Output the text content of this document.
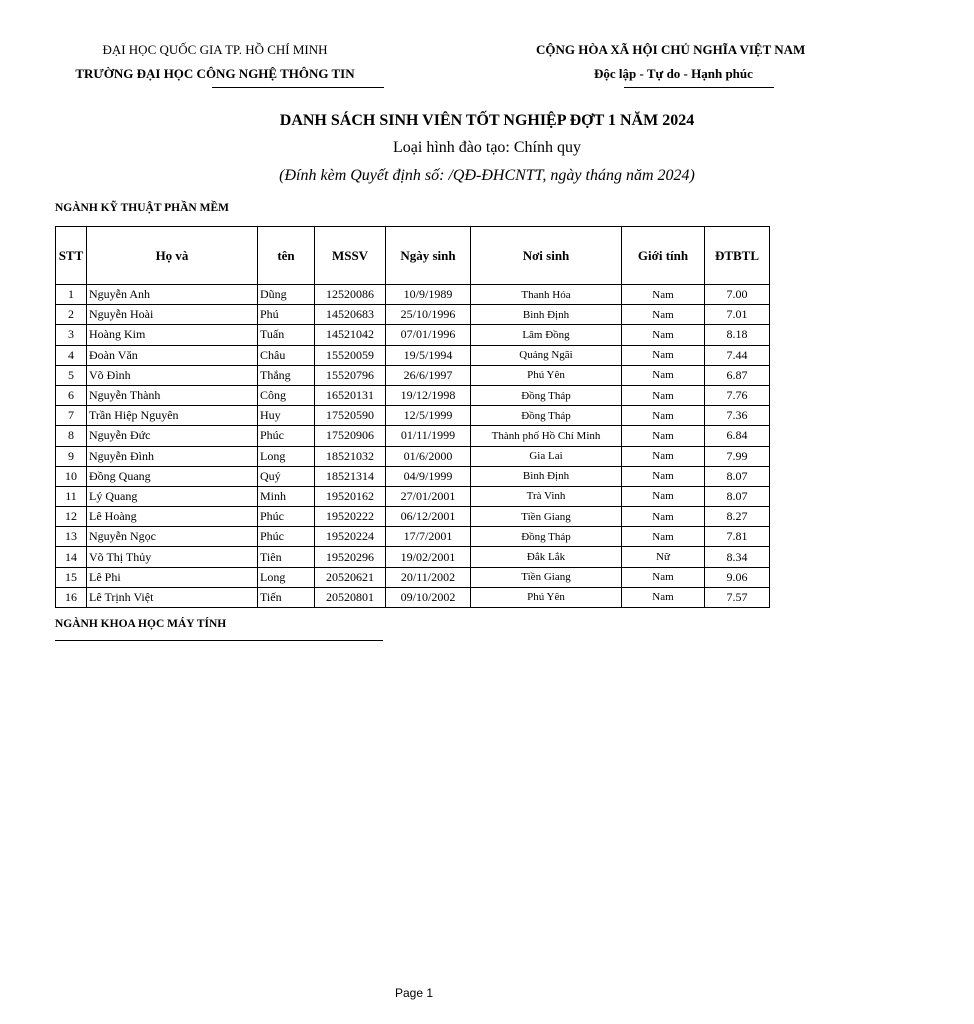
ĐẠI HỌC QUỐC GIA TP. HỒ CHÍ MINH
TRƯỜNG ĐẠI HỌC CÔNG NGHỆ THÔNG TIN
CỘNG HÒA XÃ HỘI CHỦ NGHĨA VIỆT NAM
Độc lập - Tự do - Hạnh phúc
DANH SÁCH SINH VIÊN TỐT NGHIỆP ĐỢT 1 NĂM 2024
Loại hình đào tạo: Chính quy
(Đính kèm Quyết định số: /QĐ-ĐHCNTT, ngày tháng năm 2024)
NGÀNH KỸ THUẬT PHẦN MỀM
STT	Họ và	tên	MSSV	Ngày sinh	Nơi sinh	Giới tính	ĐTBTL
1	Nguyễn Anh	Dũng	12520086	10/9/1989	Thanh Hóa	Nam	7.00
2	Nguyễn Hoài	Phú	14520683	25/10/1996	Bình Định	Nam	7.01
3	Hoàng Kim	Tuấn	14521042	07/01/1996	Lâm Đồng	Nam	8.18
4	Đoàn Văn	Châu	15520059	19/5/1994	Quảng Ngãi	Nam	7.44
5	Võ Đình	Thắng	15520796	26/6/1997	Phú Yên	Nam	6.87
6	Nguyễn Thành	Công	16520131	19/12/1998	Đồng Tháp	Nam	7.76
7	Trần Hiệp Nguyên	Huy	17520590	12/5/1999	Đồng Tháp	Nam	7.36
8	Nguyễn Đức	Phúc	17520906	01/11/1999	Thành phố Hồ Chí Minh	Nam	6.84
9	Nguyễn Đình	Long	18521032	01/6/2000	Gia Lai	Nam	7.99
10	Đồng Quang	Quý	18521314	04/9/1999	Bình Định	Nam	8.07
11	Lý Quang	Minh	19520162	27/01/2001	Trà Vinh	Nam	8.07
12	Lê Hoàng	Phúc	19520222	06/12/2001	Tiền Giang	Nam	8.27
13	Nguyễn Ngọc	Phúc	19520224	17/7/2001	Đồng Tháp	Nam	7.81
14	Võ Thị Thủy	Tiên	19520296	19/02/2001	Đắk Lắk	Nữ	8.34
15	Lê Phi	Long	20520621	20/11/2002	Tiền Giang	Nam	9.06
16	Lê Trịnh Việt	Tiến	20520801	09/10/2002	Phú Yên	Nam	7.57
NGÀNH KHOA HỌC MÁY TÍNH
Page 1
